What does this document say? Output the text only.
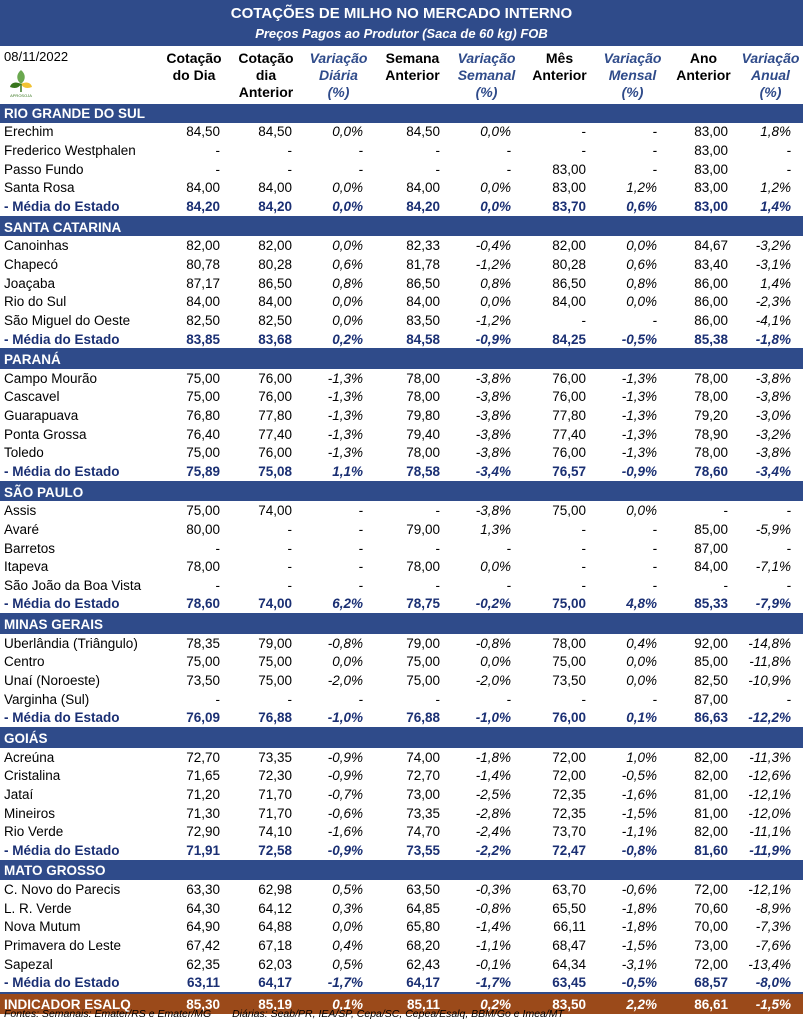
COTAÇÕES DE MILHO NO MERCADO INTERNO
Preços Pagos ao Produtor (Saca de 60 kg) FOB
08/11/2022
APROSOJA
Cotação
do Dia

Cotação
dia
Anterior
Variação
Diária
(%)
Semana
Anterior

Variação
Semanal
(%)
Mês
Anterior

Variação
Mensal
(%)
Ano
Anterior

Variação
Anual
(%)
RIO GRANDE DO SUL									
Erechim	84,50	84,50	0,0%	84,50	0,0%	-	-	83,00	1,8%
Frederico Westphalen	-	-	-	-	-	-	-	83,00	-
Passo Fundo	-	-	-	-	-	83,00	-	83,00	-
Santa Rosa	84,00	84,00	0,0%	84,00	0,0%	83,00	1,2%	83,00	1,2%
- Média do Estado	84,20	84,20	0,0%	84,20	0,0%	83,70	0,6%	83,00	1,4%
SANTA CATARINA									
Canoinhas	82,00	82,00	0,0%	82,33	-0,4%	82,00	0,0%	84,67	-3,2%
Chapecó	80,78	80,28	0,6%	81,78	-1,2%	80,28	0,6%	83,40	-3,1%
Joaçaba	87,17	86,50	0,8%	86,50	0,8%	86,50	0,8%	86,00	1,4%
Rio do Sul	84,00	84,00	0,0%	84,00	0,0%	84,00	0,0%	86,00	-2,3%
São Miguel do Oeste	82,50	82,50	0,0%	83,50	-1,2%	-	-	86,00	-4,1%
- Média do Estado	83,85	83,68	0,2%	84,58	-0,9%	84,25	-0,5%	85,38	-1,8%
PARANÁ									
Campo Mourão	75,00	76,00	-1,3%	78,00	-3,8%	76,00	-1,3%	78,00	-3,8%
Cascavel	75,00	76,00	-1,3%	78,00	-3,8%	76,00	-1,3%	78,00	-3,8%
Guarapuava	76,80	77,80	-1,3%	79,80	-3,8%	77,80	-1,3%	79,20	-3,0%
Ponta Grossa	76,40	77,40	-1,3%	79,40	-3,8%	77,40	-1,3%	78,90	-3,2%
Toledo	75,00	76,00	-1,3%	78,00	-3,8%	76,00	-1,3%	78,00	-3,8%
- Média do Estado	75,89	75,08	1,1%	78,58	-3,4%	76,57	-0,9%	78,60	-3,4%
SÃO PAULO									
Assis	75,00	74,00	-	-	-3,8%	75,00	0,0%	-	-
Avaré	80,00	-	-	79,00	1,3%	-	-	85,00	-5,9%
Barretos	-	-	-	-	-	-	-	87,00	-
Itapeva	78,00	-	-	78,00	0,0%	-	-	84,00	-7,1%
São João da Boa Vista	-	-	-	-	-	-	-	-	-
- Média do Estado	78,60	74,00	6,2%	78,75	-0,2%	75,00	4,8%	85,33	-7,9%
MINAS GERAIS									
Uberlândia (Triângulo)	78,35	79,00	-0,8%	79,00	-0,8%	78,00	0,4%	92,00	-14,8%
Centro	75,00	75,00	0,0%	75,00	0,0%	75,00	0,0%	85,00	-11,8%
Unaí (Noroeste)	73,50	75,00	-2,0%	75,00	-2,0%	73,50	0,0%	82,50	-10,9%
Varginha (Sul)	-	-	-	-	-	-	-	87,00	-
- Média do Estado	76,09	76,88	-1,0%	76,88	-1,0%	76,00	0,1%	86,63	-12,2%
GOIÁS									
Acreúna	72,70	73,35	-0,9%	74,00	-1,8%	72,00	1,0%	82,00	-11,3%
Cristalina	71,65	72,30	-0,9%	72,70	-1,4%	72,00	-0,5%	82,00	-12,6%
Jataí	71,20	71,70	-0,7%	73,00	-2,5%	72,35	-1,6%	81,00	-12,1%
Mineiros	71,30	71,70	-0,6%	73,35	-2,8%	72,35	-1,5%	81,00	-12,0%
Rio Verde	72,90	74,10	-1,6%	74,70	-2,4%	73,70	-1,1%	82,00	-11,1%
- Média do Estado	71,91	72,58	-0,9%	73,55	-2,2%	72,47	-0,8%	81,60	-11,9%
MATO GROSSO									
C. Novo do Parecis	63,30	62,98	0,5%	63,50	-0,3%	63,70	-0,6%	72,00	-12,1%
L. R. Verde	64,30	64,12	0,3%	64,85	-0,8%	65,50	-1,8%	70,60	-8,9%
Nova Mutum	64,90	64,88	0,0%	65,80	-1,4%	66,11	-1,8%	70,00	-7,3%
Primavera do Leste	67,42	67,18	0,4%	68,20	-1,1%	68,47	-1,5%	73,00	-7,6%
Sapezal	62,35	62,03	0,5%	62,43	-0,1%	64,34	-3,1%	72,00	-13,4%
- Média do Estado	63,11	64,17	-1,7%	64,17	-1,7%	63,45	-0,5%	68,57	-8,0%
INDICADOR ESALQ	85,30	85,19	0,1%	85,11	0,2%	83,50	2,2%	86,61	-1,5%
Fontes: Semanais: Emater/RS e Emater/MG Diárias: Seab/PR, IEA/SP, Cepa/SC, Cepea/Esalq, BBM/Go e Imea/MT
